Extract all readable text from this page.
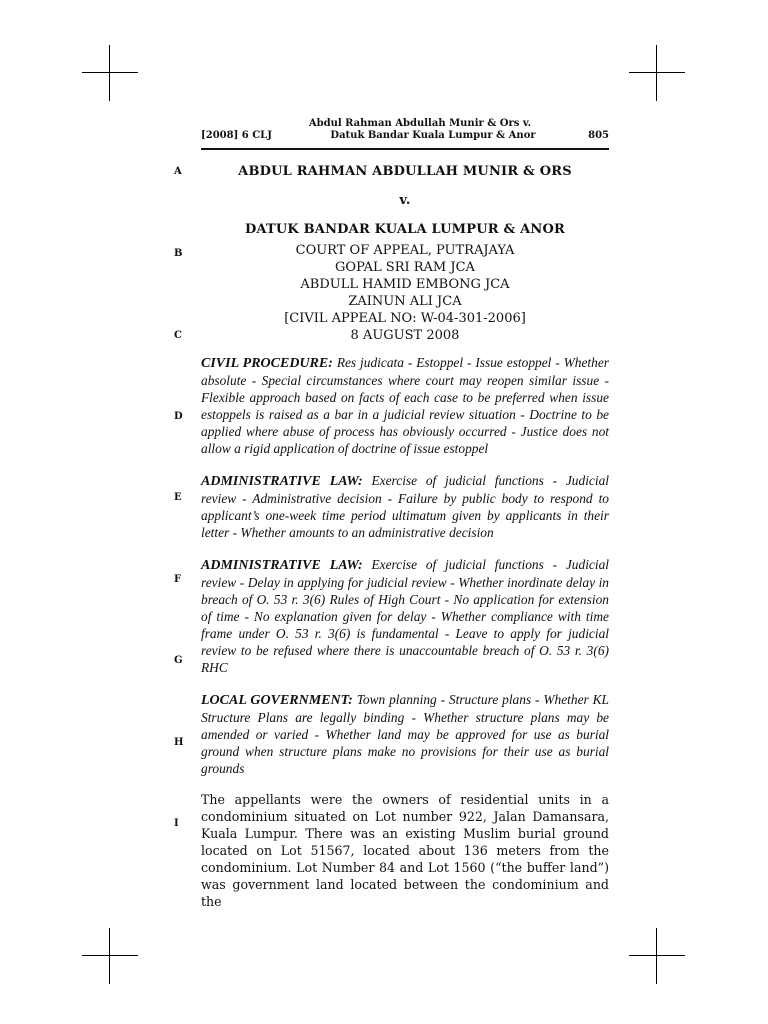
A
B
C
D
E
F
G
H
I
Abdul Rahman Abdullah Munir & Ors v.
[2008] 6 CLJ	Datuk Bandar Kuala Lumpur & Anor	805
ABDUL RAHMAN ABDULLAH MUNIR & ORS
v.
DATUK BANDAR KUALA LUMPUR & ANOR
COURT OF APPEAL, PUTRAJAYA
GOPAL SRI RAM JCA
ABDULL HAMID EMBONG JCA
ZAINUN ALI JCA
[CIVIL APPEAL NO: W-04-301-2006]
8 AUGUST 2008

CIVIL PROCEDURE: Res judicata - Estoppel - Issue estoppel - Whether absolute - Special circumstances where court may reopen similar issue - Flexible approach based on facts of each case to be preferred when issue estoppels is raised as a bar in a judicial review situation - Doctrine to be applied where abuse of process has obviously occurred - Justice does not allow a rigid application of doctrine of issue estoppel

ADMINISTRATIVE LAW: Exercise of judicial functions - Judicial review - Administrative decision - Failure by public body to respond to applicant’s one-week time period ultimatum given by applicants in their letter - Whether amounts to an administrative decision

ADMINISTRATIVE LAW: Exercise of judicial functions - Judicial review - Delay in applying for judicial review - Whether inordinate delay in breach of O. 53 r. 3(6) Rules of High Court - No application for extension of time - No explanation given for delay - Whether compliance with time frame under O. 53 r. 3(6) is fundamental - Leave to apply for judicial review to be refused where there is unaccountable breach of O. 53 r. 3(6) RHC

LOCAL GOVERNMENT: Town planning - Structure plans - Whether KL Structure Plans are legally binding - Whether structure plans may be amended or varied - Whether land may be approved for use as burial ground when structure plans make no provisions for their use as burial grounds

The appellants were the owners of residential units in a condominium situated on Lot number 922, Jalan Damansara, Kuala Lumpur. There was an existing Muslim burial ground located on Lot 51567, located about 136 meters from the condominium. Lot Number 84 and Lot 1560 (“the buffer land”) was government land located between the condominium and the
